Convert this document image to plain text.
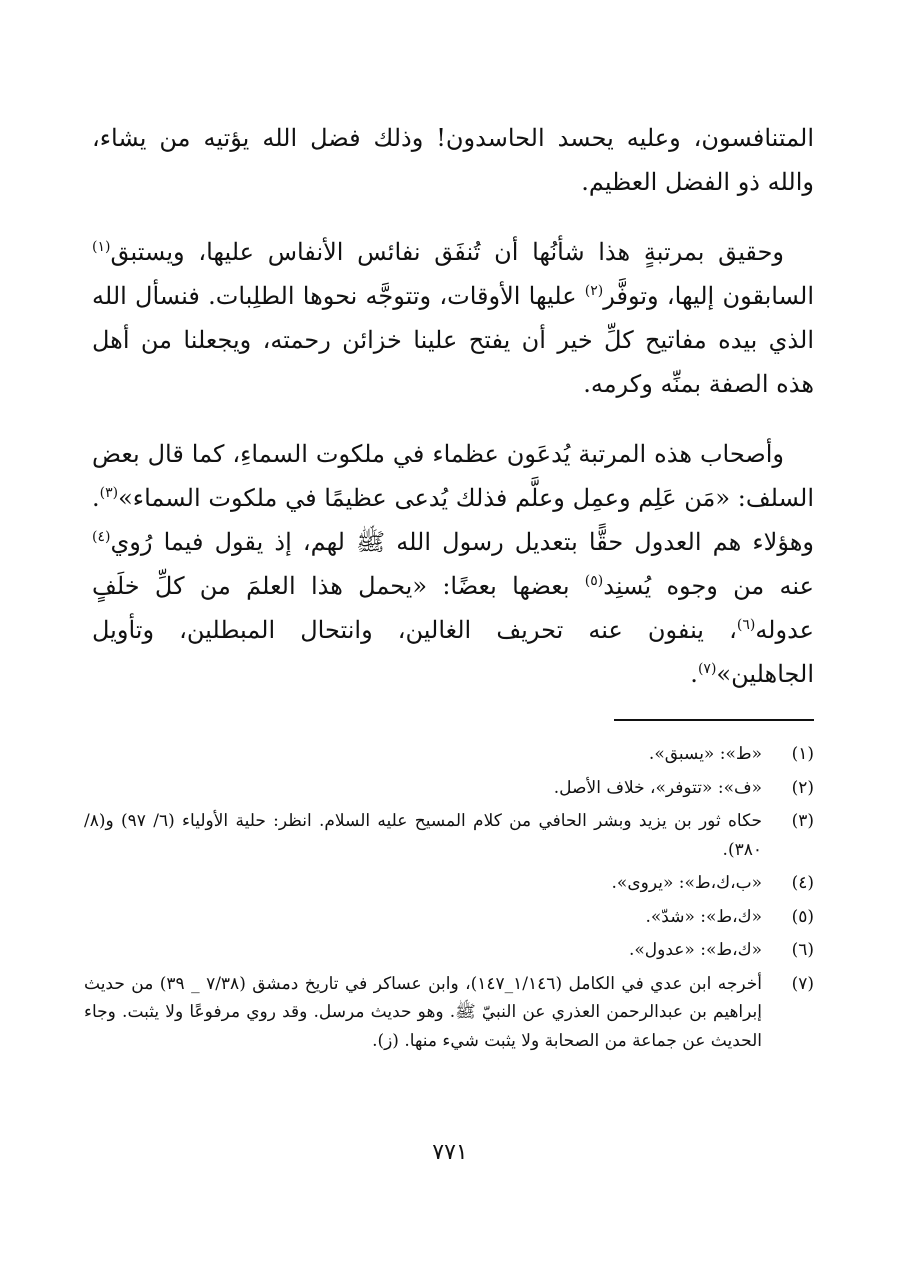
المتنافسون، وعليه يحسد الحاسدون! وذلك فضل الله يؤتيه من يشاء، والله ذو الفضل العظيم.

وحقيق بمرتبةٍ هذا شأنُها أن تُنفَق نفائس الأنفاس عليها، ويستبق$^{(١)}$ السابقون إليها، وتوفَّر$^{(٢)}$ عليها الأوقات، وتتوجَّه نحوها الطلِبات. فنسأل الله الذي بيده مفاتيح كلِّ خير أن يفتح علينا خزائن رحمته، ويجعلنا من أهل هذه الصفة بمنِّه وكرمه.

وأصحاب هذه المرتبة يُدعَون عظماء في ملكوت السماءِ، كما قال بعض السلف: «مَن عَلِم وعمِل وعلَّم فذلك يُدعى عظيمًا في ملكوت السماء»$^{(٣)}$. وهؤلاء هم العدول حقًّا بتعديل رسول الله ﷺ لهم، إذ يقول فيما رُوي$^{(٤)}$ عنه من وجوه يُسنِد$^{(٥)}$ بعضها بعضًا: «يحمل هذا العلمَ من كلِّ خلَفٍ عدوله$^{(٦)}$، ينفون عنه تحريف الغالين، وانتحال المبطلين، وتأويل الجاهلين»$^{(٧)}$.

(١)
«ط»: «يسبق».
(٢)
«ف»: «تتوفر»، خلاف الأصل.
(٣)
حكاه ثور بن يزيد وبشر الحافي من كلام المسيح عليه السلام. انظر: حلية الأولياء (٦/ ٩٧) و(٨/ ٣٨٠).
(٤)
«ب،ك،ط»: «يروى».
(٥)
«ك،ط»: «شدّ».
(٦)
«ك،ط»: «عدول».
(٧)
أخرجه ابن عدي في الكامل (١/١٤٦_١٤٧)، وابن عساكر في تاريخ دمشق (٧/٣٨ _ ٣٩) من حديث إبراهيم بن عبدالرحمن العذري عن النبيّ ﷺ. وهو حديث مرسل. وقد روي مرفوعًا ولا يثبت. وجاء الحديث عن جماعة من الصحابة ولا يثبت شيء منها. (ز).
٧٧١
